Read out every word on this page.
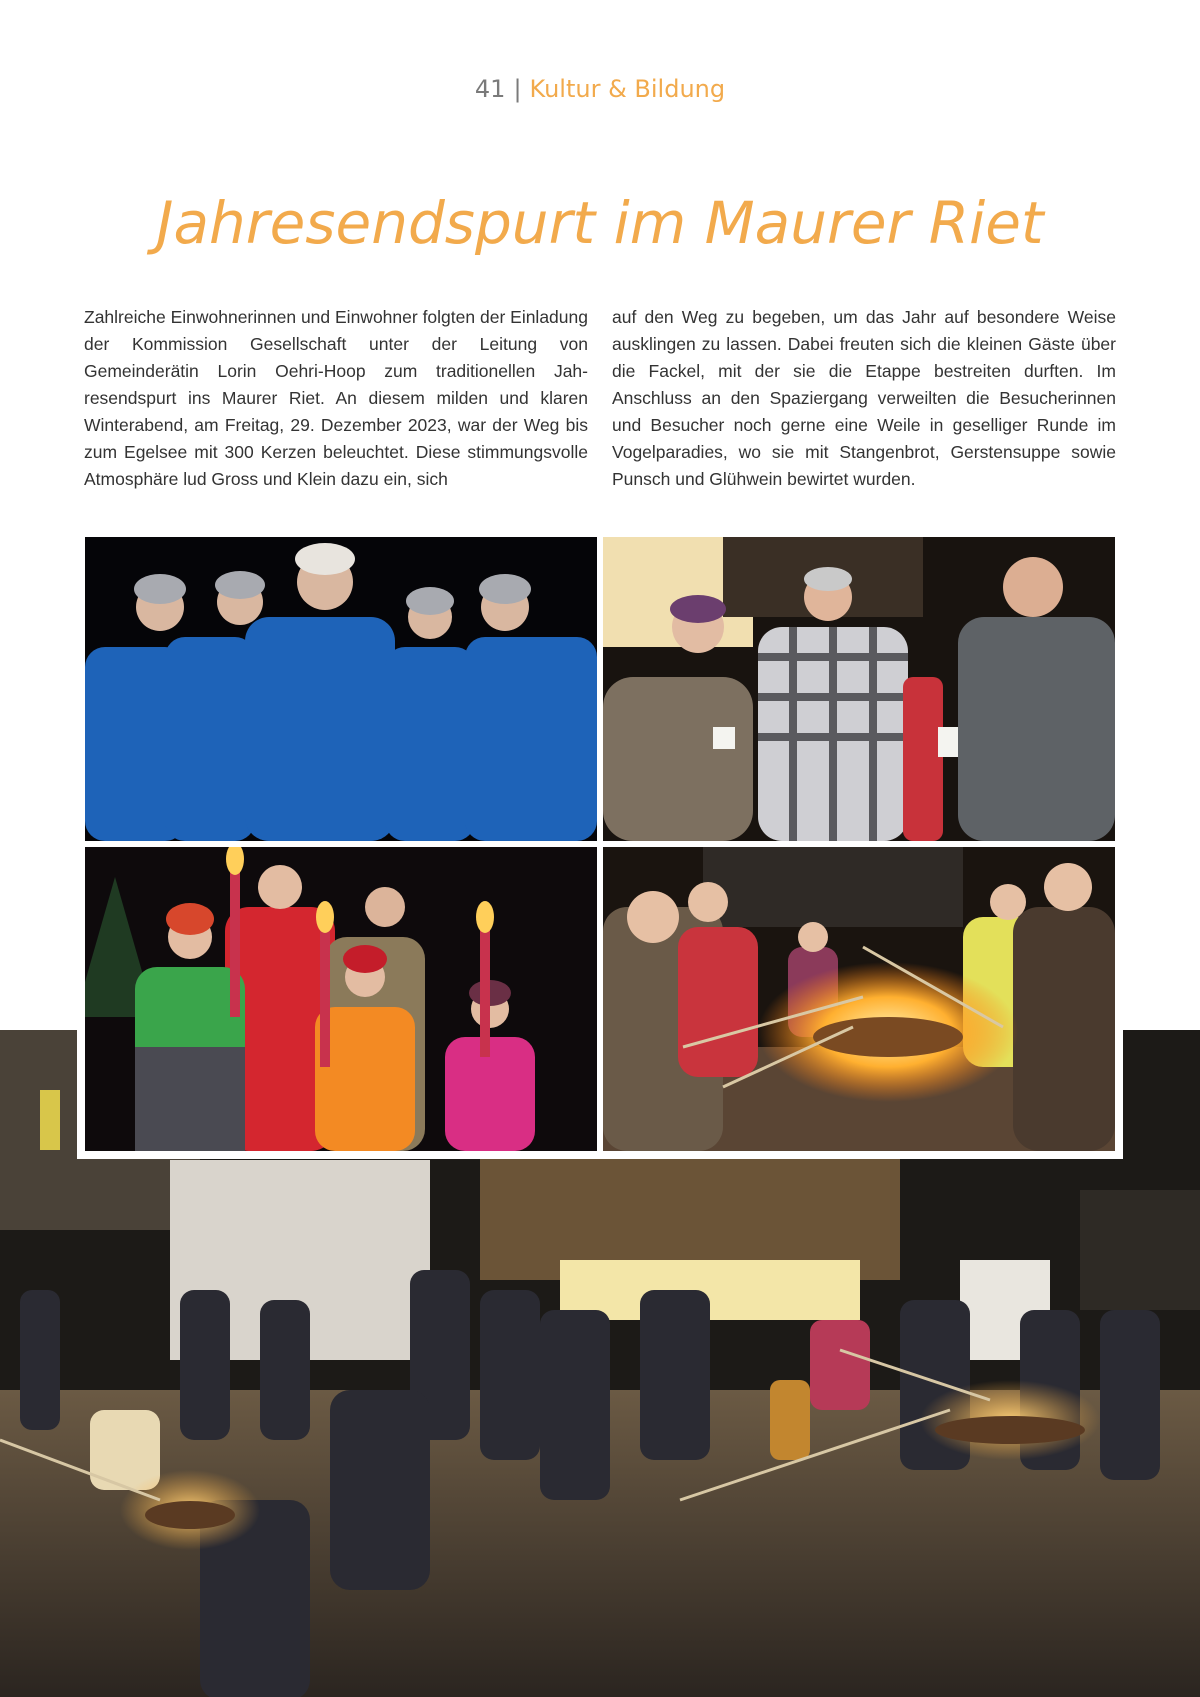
41 | Kultur & Bildung
Jahresendspurt im Maurer Riet

Zahlreiche Einwohnerinnen und Einwohner folgten der Einladung der Kommission Gesellschaft unter der Leitung von Gemeinderätin Lorin Oehri-Hoop zum traditionellen Jahresendspurt ins Maurer Riet. An diesem milden und klaren Winterabend, am Freitag, 29. Dezember 2023, war der Weg bis zum Egelsee mit 300 Kerzen beleuchtet. Diese stimmungsvolle Atmosphäre lud Gross und Klein dazu ein, sich

auf den Weg zu begeben, um das Jahr auf besondere Weise ausklingen zu lassen. Dabei freuten sich die kleinen Gäste über die Fackel, mit der sie die Etappe bestreiten durften. Im Anschluss an den Spaziergang verweilten die Besucherinnen und Besucher noch gerne eine Weile in geselliger Runde im Vogelparadies, wo sie mit Stangenbrot, Gerstensuppe sowie Punsch und Glühwein bewirtet wurden.
